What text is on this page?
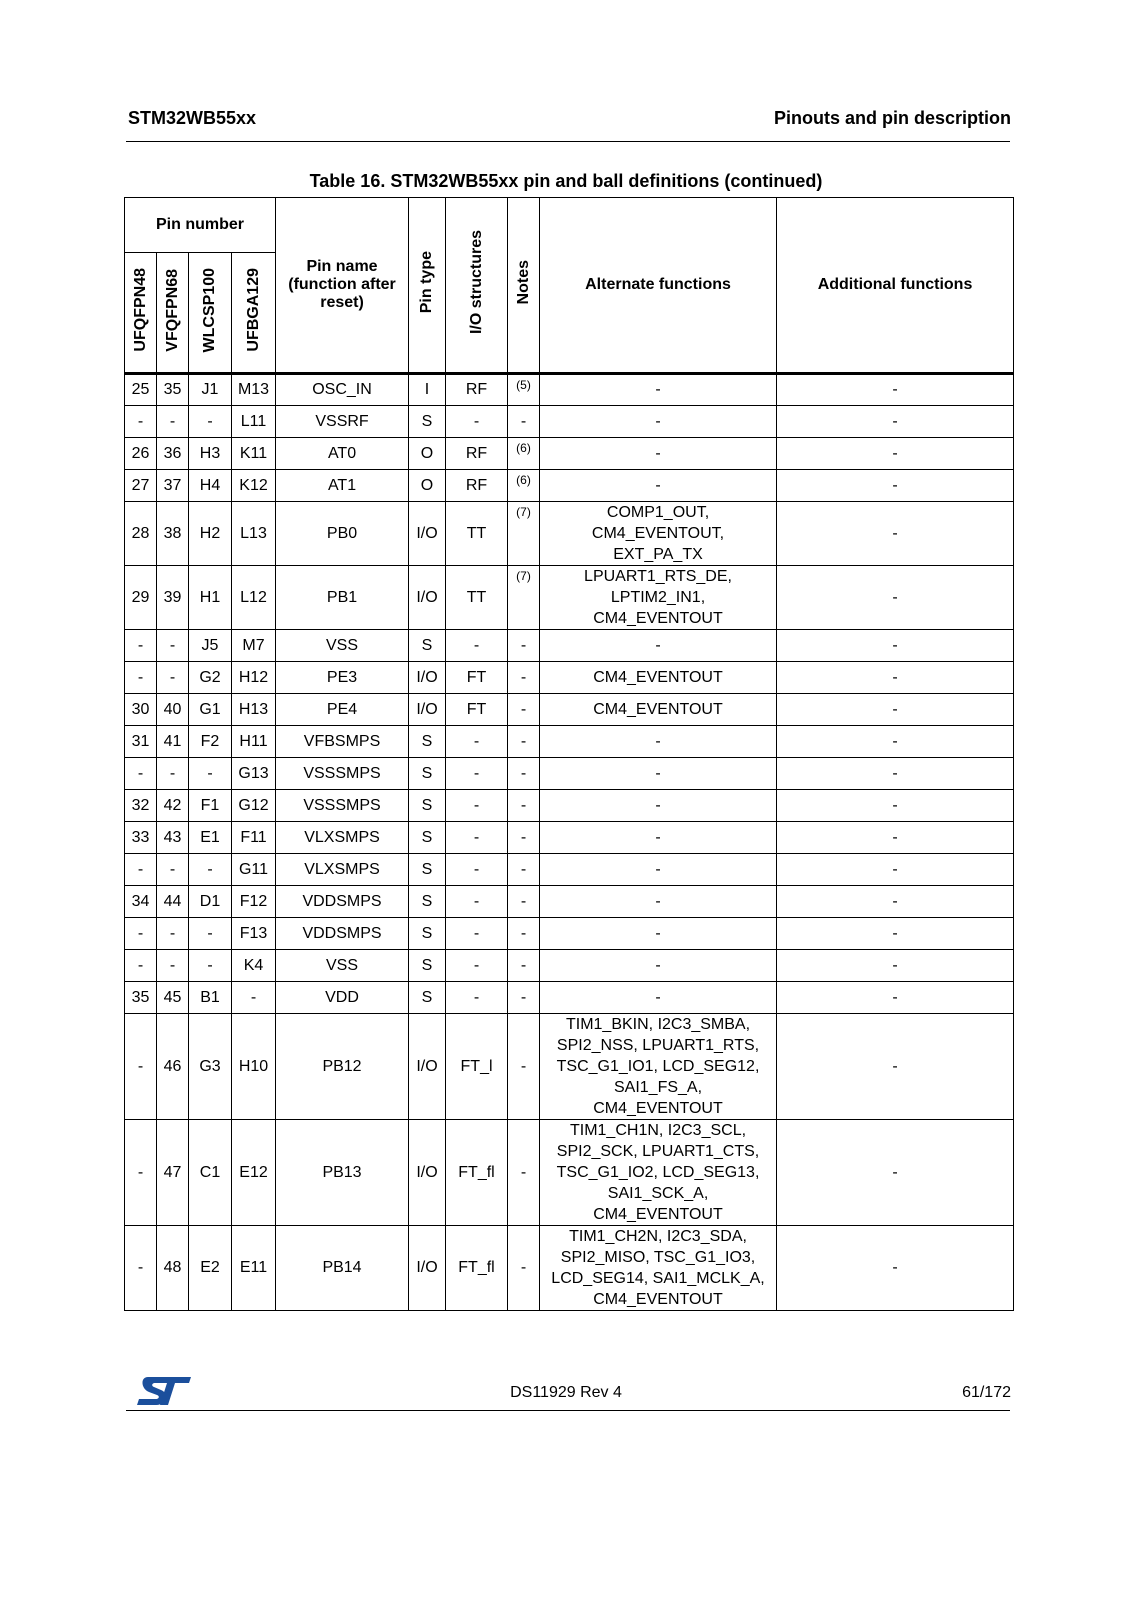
STM32WB55xx	Pinouts and pin description
Table 16. STM32WB55xx pin and ball definitions (continued)
Pin number				Pin name (function after reset)	Pin type	I/O structures	Notes	Alternate functions	Additional functions
UFQFPN48	VFQFPN68	WLCSP100	UFBGA129						
25	35	J1	M13	OSC_IN	I	RF	(5)	-	-
-	-	-	L11	VSSRF	S	-	-	-	-
26	36	H3	K11	AT0	O	RF	(6)	-	-
27	37	H4	K12	AT1	O	RF	(6)	-	-
28	38	H2	L13	PB0	I/O	TT	(7)	COMP1_OUT,
CM4_EVENTOUT,
EXT_PA_TX	-
29	39	H1	L12	PB1	I/O	TT	(7)	LPUART1_RTS_DE,
LPTIM2_IN1,
CM4_EVENTOUT	-
-	-	J5	M7	VSS	S	-	-	-	-
-	-	G2	H12	PE3	I/O	FT	-	CM4_EVENTOUT	-
30	40	G1	H13	PE4	I/O	FT	-	CM4_EVENTOUT	-
31	41	F2	H11	VFBSMPS	S	-	-	-	-
-	-	-	G13	VSSSMPS	S	-	-	-	-
32	42	F1	G12	VSSSMPS	S	-	-	-	-
33	43	E1	F11	VLXSMPS	S	-	-	-	-
-	-	-	G11	VLXSMPS	S	-	-	-	-
34	44	D1	F12	VDDSMPS	S	-	-	-	-
-	-	-	F13	VDDSMPS	S	-	-	-	-
-	-	-	K4	VSS	S	-	-	-	-
35	45	B1	-	VDD	S	-	-	-	-
-	46	G3	H10	PB12	I/O	FT_l	-	TIM1_BKIN, I2C3_SMBA,
SPI2_NSS, LPUART1_RTS,
TSC_G1_IO1, LCD_SEG12,
SAI1_FS_A,
CM4_EVENTOUT	-
-	47	C1	E12	PB13	I/O	FT_fl	-	TIM1_CH1N, I2C3_SCL,
SPI2_SCK, LPUART1_CTS,
TSC_G1_IO2, LCD_SEG13,
SAI1_SCK_A,
CM4_EVENTOUT	-
-	48	E2	E11	PB14	I/O	FT_fl	-	TIM1_CH2N, I2C3_SDA,
SPI2_MISO, TSC_G1_IO3,
LCD_SEG14, SAI1_MCLK_A,
CM4_EVENTOUT	-
DS11929 Rev 4	61/172
